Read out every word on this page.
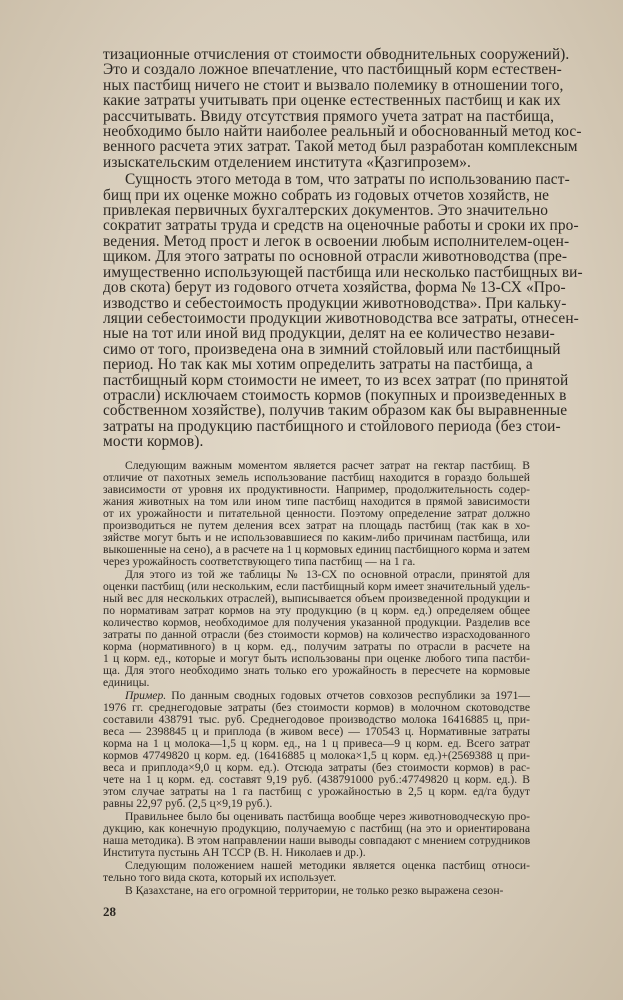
тизационные отчисления от стоимости обводнительных сооружений).
Это и создало ложное впечатление, что пастбищный корм естествен-
ных пастбищ ничего не стоит и вызвало полемику в отношении того,
какие затраты учитывать при оценке естественных пастбищ и как их
рассчитывать. Ввиду отсутствия прямого учета затрат на пастбища,
необходимо было найти наиболее реальный и обоснованный метод кос-
венного расчета этих затрат. Такой метод был разработан комплексным
изыскательским отделением института «Қазгипрозем».
Сущность этого метода в том, что затраты по использованию паст-
бищ при их оценке можно собрать из годовых отчетов хозяйств, не
привлекая первичных бухгалтерских документов. Это значительно
сократит затраты труда и средств на оценочные работы и сроки их про-
ведения. Метод прост и легок в освоении любым исполнителем-оцен-
щиком. Для этого затраты по основной отрасли животноводства (пре-
имущественно использующей пастбища или несколько пастбищных ви-
дов скота) берут из годового отчета хозяйства, форма № 13-СХ «Про-
изводство и себестоимость продукции животноводства». При кальку-
ляции себестоимости продукции животноводства все затраты, отнесен-
ные на тот или иной вид продукции, делят на ее количество незави-
симо от того, произведена она в зимний стойловый или пастбищный
период. Но так как мы хотим определить затраты на пастбища, а
пастбищный корм стоимости не имеет, то из всех затрат (по принятой
отрасли) исключаем стоимость кормов (покупных и произведенных в
собственном хозяйстве), получив таким образом как бы выравненные
затраты на продукцию пастбищного и стойлового периода (без стои-
мости кормов).
Следующим важным моментом является расчет затрат на гектар пастбищ. В
отличие от пахотных земель использование пастбищ находится в гораздо большей
зависимости от уровня их продуктивности. Например, продолжительность содер-
жания животных на том или ином типе пастбищ находится в прямой зависимости
от их урожайности и питательной ценности. Поэтому определение затрат должно
производиться не путем деления всех затрат на площадь пастбищ (так как в хо-
зяйстве могут быть и не использовавшиеся по каким-либо причинам пастбища, или
выкошенные на сено), а в расчете на 1 ц кормовых единиц пастбищного корма и затем
через урожайность соответствующего типа пастбищ — на 1 га.
Для этого из той же таблицы № 13-СХ по основной отрасли, принятой для
оценки пастбищ (или нескольким, если пастбищный корм имеет значительный удель-
ный вес для нескольких отраслей), выписывается объем произведенной продукции и
по нормативам затрат кормов на эту продукцию (в ц корм. ед.) определяем общее
количество кормов, необходимое для получения указанной продукции. Разделив все
затраты по данной отрасли (без стоимости кормов) на количество израсходованного
корма (нормативного) в ц корм. ед., получим затраты по отрасли в расчете на
1 ц корм. ед., которые и могут быть использованы при оценке любого типа пастби-
ща. Для этого необходимо знать только его урожайность в пересчете на кормовые
единицы.
Пример. По данным сводных годовых отчетов совхозов республики за 1971—
1976 гг. среднегодовые затраты (без стоимости кормов) в молочном скотоводстве
составили 438791 тыс. руб. Среднегодовое производство молока 16416885 ц, при-
веса — 2398845 ц и приплода (в живом весе) — 170543 ц. Нормативные затраты
корма на 1 ц молока—1,5 ц корм. ед., на 1 ц привеса—9 ц корм. ед. Всего затрат
кормов 47749820 ц корм. ед. (16416885 ц молока×1,5 ц корм. ед.)+(2569388 ц при-
веса и приплода×9,0 ц корм. ед.). Отсюда затраты (без стоимости кормов) в рас-
чете на 1 ц корм. ед. составят 9,19 руб. (438791000 руб.:47749820 ц корм. ед.). В
этом случае затраты на 1 га пастбищ с урожайностью в 2,5 ц корм. ед/га будут
равны 22,97 руб. (2,5 ц×9,19 руб.).
Правильнее было бы оценивать пастбища вообще через животноводческую про-
дукцию, как конечную продукцию, получаемую с пастбищ (на это и ориентирована
наша методика). В этом направлении наши выводы совпадают с мнением сотрудников
Института пустынь АН ТССР (В. Н. Николаев и др.).
Следующим положением нашей методики является оценка пастбищ относи-
тельно того вида скота, который их использует.
В Қазахстане, на его огромной территории, не только резко выражена сезон-
28
